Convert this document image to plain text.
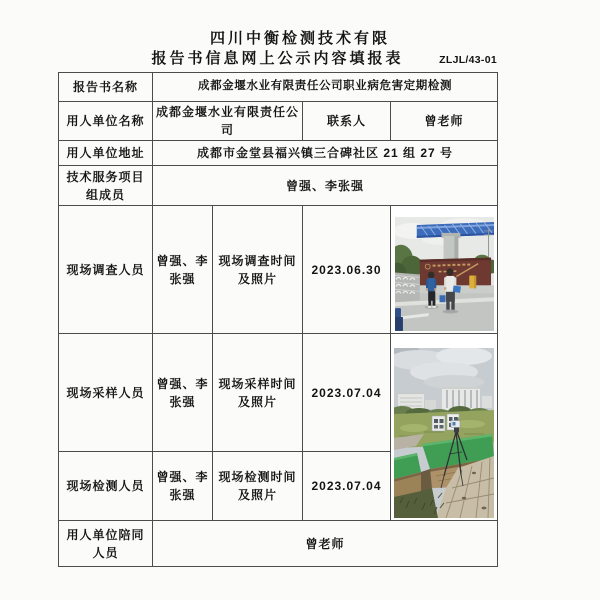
四川中衡检测技术有限
报告书信息网上公示内容填报表	ZLJL/43-01
报告书名称	成都金堰水业有限责任公司职业病危害定期检测			
用人单位名称	成都金堰水业有限责任公司		联系人	曾老师
用人单位地址	成都市金堂县福兴镇三合碑社区 21 组 27 号			
技术服务项目组成员	曾强、李张强			
现场调查人员	曾强、李张强	现场调查时间及照片	2023.06.30	

现场采样人员	曾强、李张强	现场采样时间及照片	2023.07.04	

现场检测人员	曾强、李张强	现场检测时间及照片	2023.07.04	
用人单位陪同人员	曾老师			
